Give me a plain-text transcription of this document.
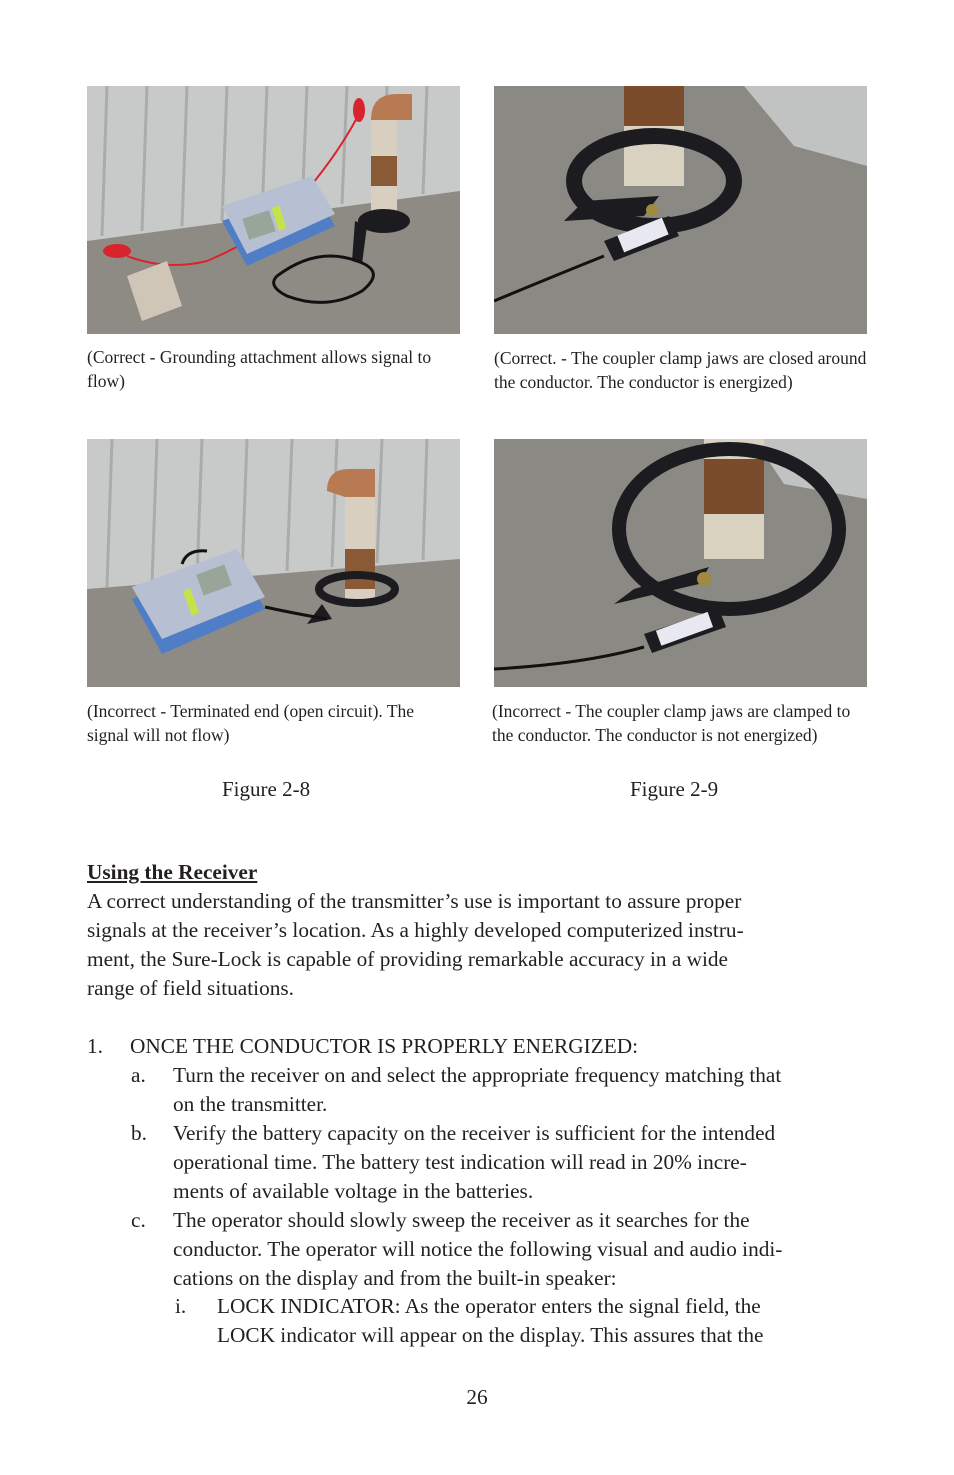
(Correct - Grounding attachment allows signal to flow)
(Correct. - The coupler clamp jaws are closed around the conductor. The conductor is energized)
(Incorrect - Terminated end (open circuit). The signal will not flow)
(Incorrect - The coupler clamp jaws are clamped to the conductor. The conductor is not energized)
Figure 2-8	Figure 2-9
Using the Receiver
A correct understanding of the transmitter’s use is important to assure proper
signals at the receiver’s location. As a highly developed computerized instru-
ment, the Sure-Lock is capable of providing remarkable accuracy in a wide
range of field situations.
1. ONCE THE CONDUCTOR IS PROPERLY ENERGIZED:
a. Turn the receiver on and select the appropriate frequency matching that
on the transmitter.
b. Verify the battery capacity on the receiver is sufficient for the intended
operational time. The battery test indication will read in 20% incre-
ments of available voltage in the batteries.
c. The operator should slowly sweep the receiver as it searches for the
conductor. The operator will notice the following visual and audio indi-
cations on the display and from the built-in speaker:
i. LOCK INDICATOR: As the operator enters the signal field, the
LOCK indicator will appear on the display. This assures that the
26
